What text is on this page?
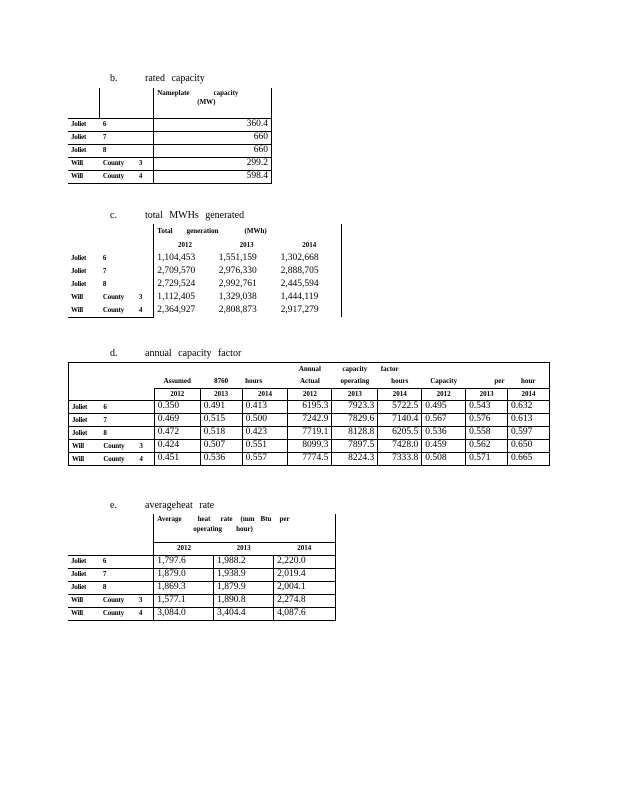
b.	rated capacity

			Nameplate capacity
(MW)

Joliet	6		360.4
Joliet	7		660
Joliet	8		660
Will	County	3	299.2
Will	County	4	598.4
c.	total MWHs generated
			Total generation (MWh)		
			2012	2013	2014
Joliet	6		1,104,453	1,551,159	1,302,668
Joliet	7		2,709,570	2,976,330	2,888,705
Joliet	8		2,729,524	2,992,761	2,445,594
Will	County	3	1,112,405	1,329,038	1,444,119
Will	County	4	2,364,927	2,808,873	2,917,279
d.	annual capacity factor
						Annual	capacity	factor			
			Assumed	8760	hours	Actual	operating	hours	Capacity	per	hour
			2012	2013	2014	2012	2013	2014	2012	2013	2014
Joliet	6		0.350	0.491	0.413	6195.3	7923.3	5722.5	0.495	0.543	0.632
Joliet	7		0.469	0.515	0.500	7242.9	7829.6	7140.4	0.567	0.576	0.613
Joliet	8		0.472	0.518	0.423	7719.1	8128.8	6205.5	0.536	0.558	0.597
Will	County	3	0.424	0.507	0.551	8099.3	7897.5	7428.0	0.459	0.562	0.650
Will	County	4	0.451	0.536	0.557	7774.5	8224.3	7333.8	0.508	0.571	0.665
e.	averageheat rate

			Average heat rate (mm Btu per
operating hour)		

			2012	2013	2014
Joliet	6		1,797.6	1,988.2	2,220.0
Joliet	7		1,879.0	1,938.9	2,019.4
Joliet	8		1,869.3	1,879.9	2,004.1
Will	County	3	1,577.1	1,890.8	2,274.8
Will	County	4	3,084.0	3,404.4	4,087.6
